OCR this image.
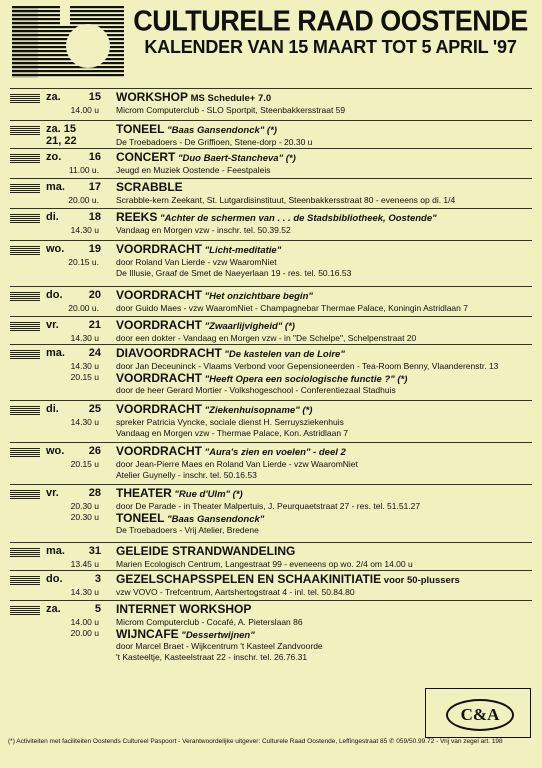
CULTURELE RAAD OOSTENDE
KALENDER VAN 15 MAART TOT 5 APRIL '97
za.	15 WORKSHOP MS Schedule+ 7.0
Microm Computerclub - SLO Sportpit, Steenbakkersstraat 59
14.00 u
za. 15
21, 22
TONEEL "Baas Gansendonck" (*)
De Troebadoers - De Griffioen, Stene-dorp - 20.30 u
zo.	16 CONCERT "Duo Baert-Stancheva" (*)
Jeugd en Muziek Oostende - Feestpaleis
11.00 u.
ma.	17 SCRABBLE
Scrabble-kern Zeekant, St. Lutgardisinstituut, Steenbakkersstraat 80 - eveneens op di. 1/4
20.00 u.
di.	18 REEKS "Achter de schermen van . . . de Stadsbibliotheek, Oostende"
Vandaag en Morgen vzw - inschr. tel. 50.39.52
14.30 u
wo.	19 VOORDRACHT "Licht-meditatie"
door Roland Van Lierde - vzw WaaromNiet
De Illusie, Graaf de Smet de Naeyerlaan 19 - res. tel. 50.16.53
20.15 u.
do.	20 VOORDRACHT "Het onzichtbare begin"
door Guido Maes - vzw WaaromNiet - Champagnebar Thermae Palace, Koningin Astridlaan 7
20.00 u.
vr.	21 VOORDRACHT "Zwaarlijvigheid" (*)
door een dokter - Vandaag en Morgen vzw - in "De Schelpe", Schelpenstraat 20
14.30 u
ma.	24 DIAVOORDRACHT "De kastelen van de Loire"
door Jan Deceuninck - Vlaams Verbond voor Gepensioneerden - Tea-Room Benny, Vlaanderenstr. 13
14.30 u
20.15 u VOORDRACHT "Heeft Opera een sociologische functie ?" (*)
door de heer Gerard Mortier - Volkshogeschool - Conferentiezaal Stadhuis
di.	25 VOORDRACHT "Ziekenhuisopname" (*)
spreker Patricia Vyncke, sociale dienst H. Serruysziekenhuis
Vandaag en Morgen vzw - Thermae Palace, Kon. Astridlaan 7
14.30 u
wo.	26 VOORDRACHT "Aura's zien en voelen" - deel 2
door Jean-Pierre Maes en Roland Van Lierde - vzw WaaromNiet
Atelier Guynelly - inschr. tel. 50.16.53
20.15 u
vr.	28 THEATER "Rue d'Ulm" (*)
door De Parade - in Theater Malpertuis, J. Peurquaetstraat 27 - res. tel. 51.51.27
20.30 u
20.30 u TONEEL "Baas Gansendonck"
De Troebadoers - Vrij Atelier, Bredene
ma.	31 GELEIDE STRANDWANDELING
Marien Ecologisch Centrum, Langestraat 99 - eveneens op wo. 2/4 om 14.00 u
13.45 u
do.	3 GEZELSCHAPSSPELEN EN SCHAAKINITIATIE voor 50-plussers
vzw VOVO - Trefcentrum, Aartshertogstraat 4 - inl. tel. 50.84.80
14.30 u
za.	5 INTERNET WORKSHOP
Microm Computerclub - Cocafé, A. Pieterslaan 86
14.00 u
20.00 u WIJNCAFE "Dessertwijnen"
door Marcel Braet - Wijkcentrum 't Kasteel Zandvoorde
't Kasteeltje, Kasteelstraat 22 - inschr. tel. 26.76.31
C&A
(*) Activiteiten met faciliteiten Oostends Cultureel Paspoort - Verantwoordelijke uitgever: Culturele Raad Oostende, Leffingestraat 85 ✆ 059/50.99.72 - Vrij van zegel art. 198
